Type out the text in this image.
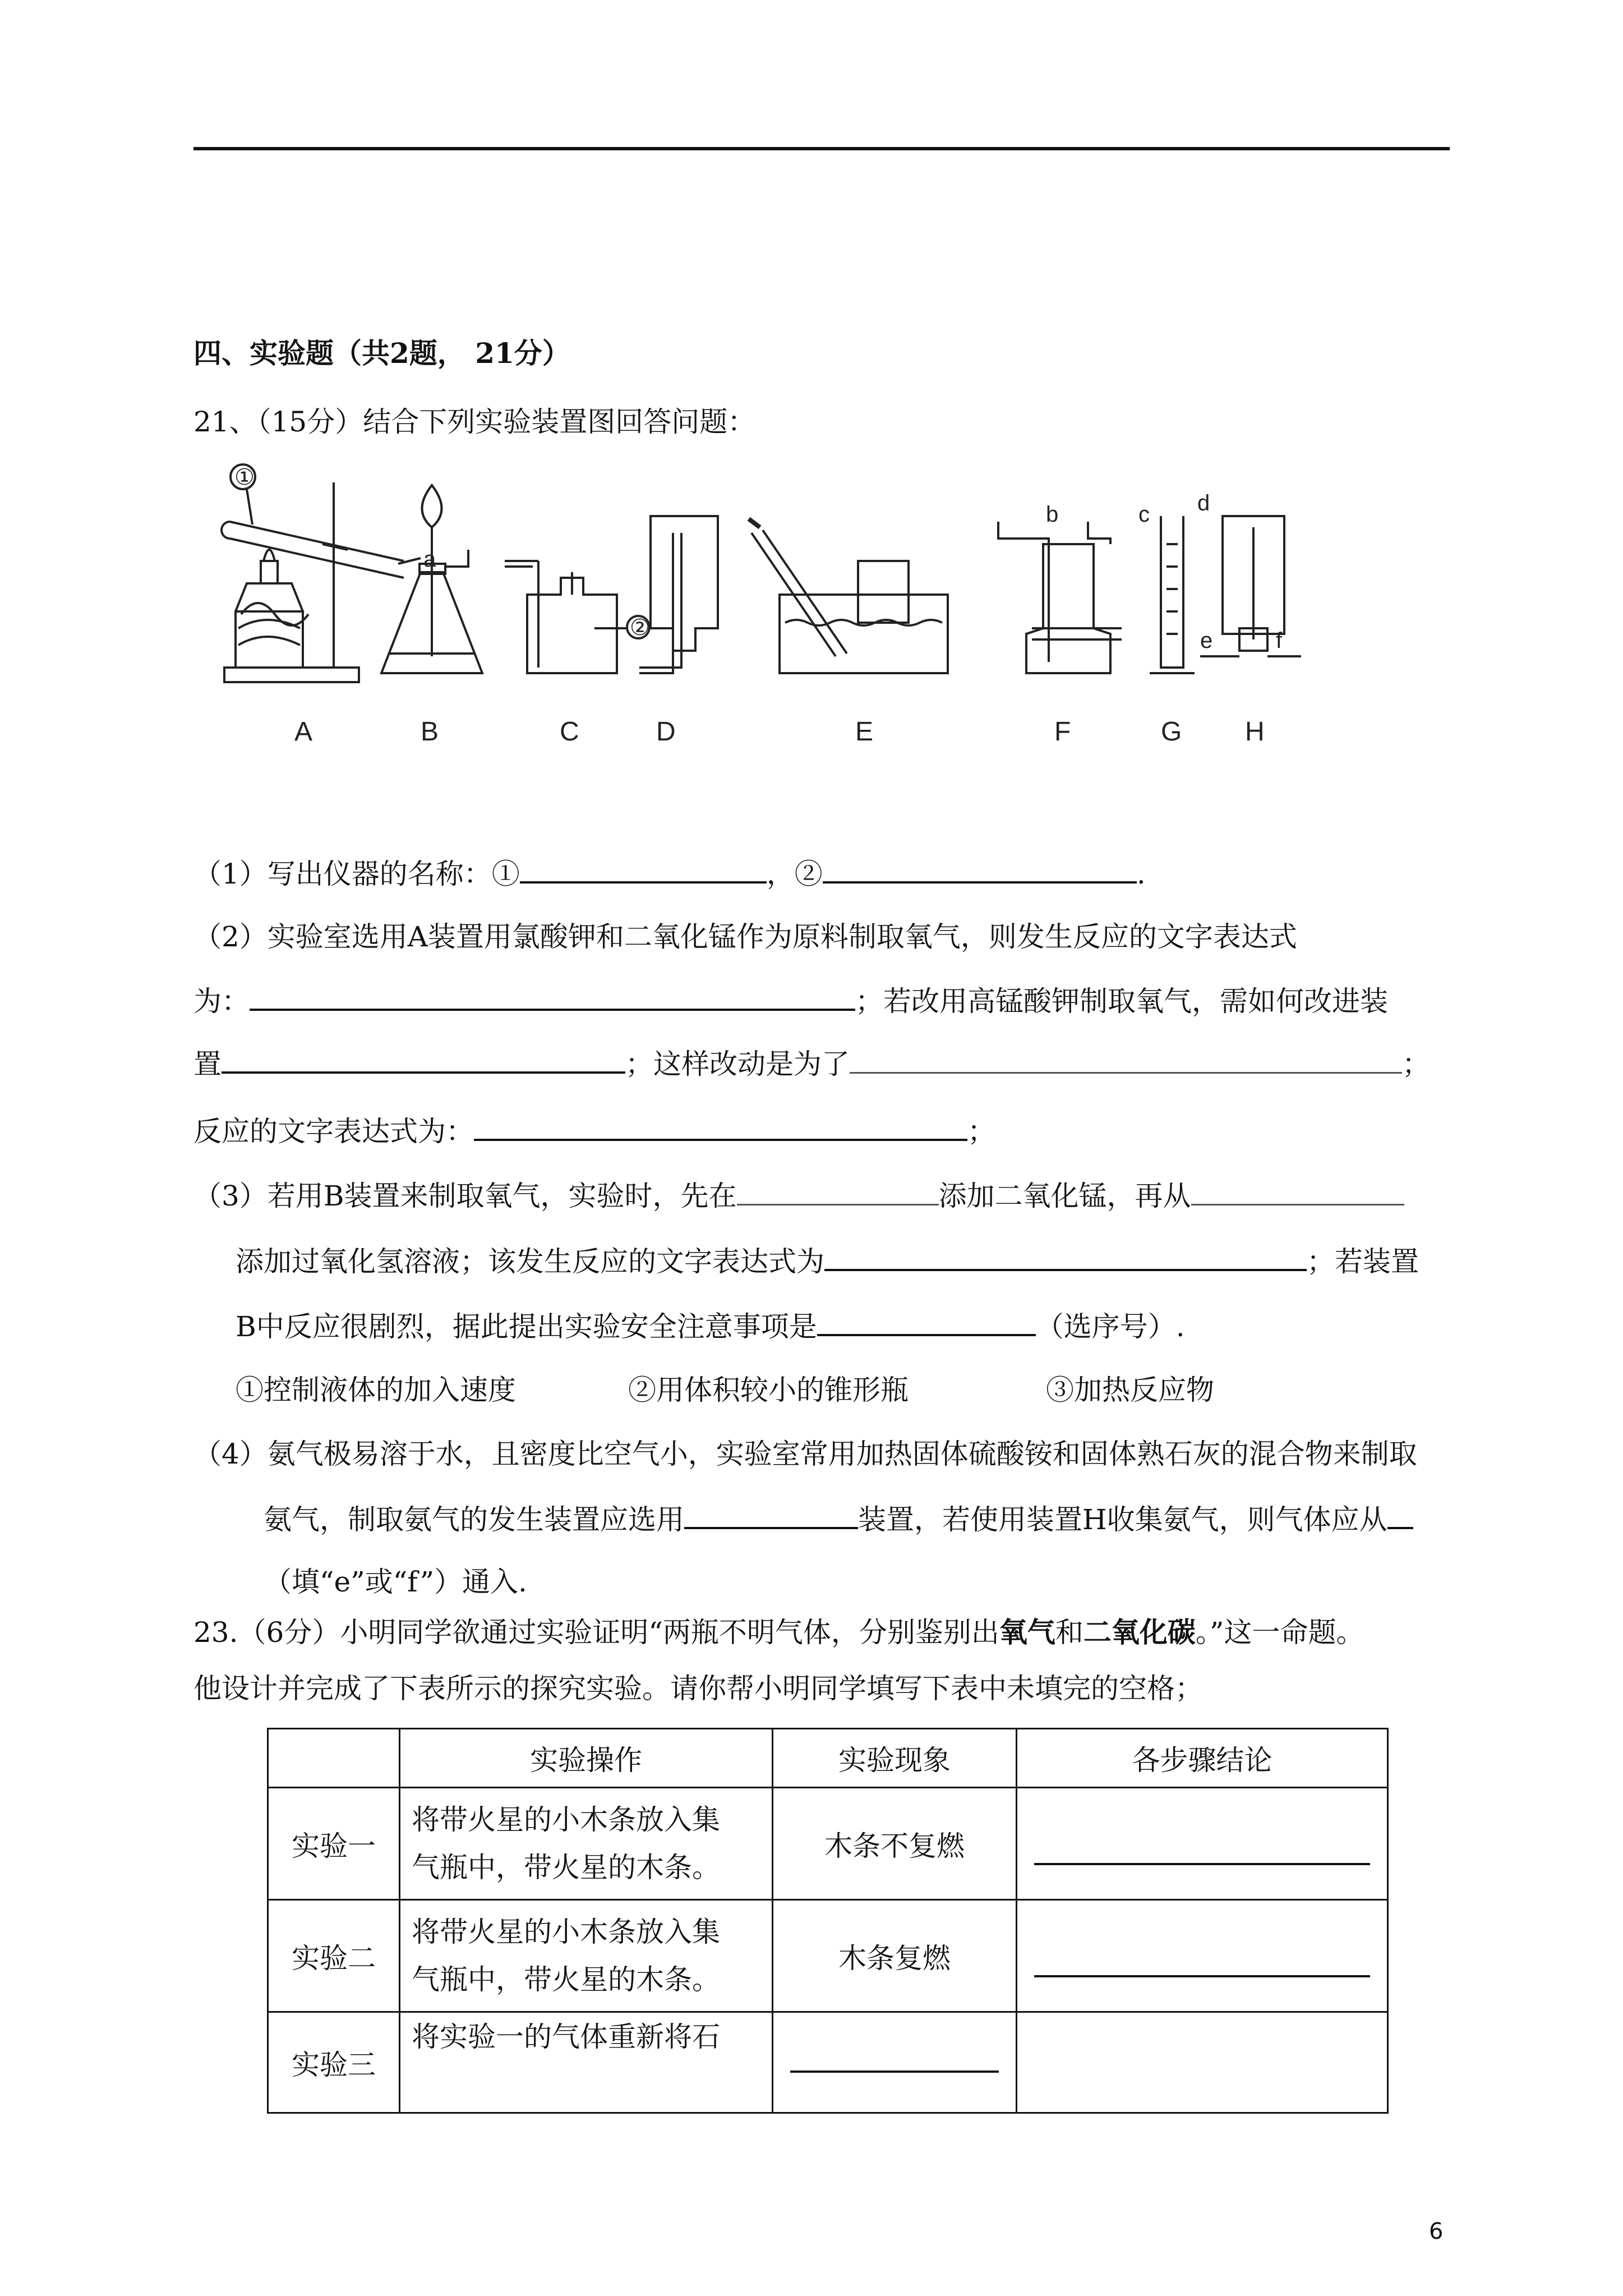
四、实验题（共2题， 21分）
21、（15分）结合下列实验装置图回答问题：
A	B	C	D	E	F	G H
①
②
a
b	c d
e	f
（1）写出仪器的名称：①	，②	.
（2）实验室选用A装置用氯酸钾和二氧化锰作为原料制取氧气，则发生反应的文字表达式
为：	；若改用高锰酸钾制取氧气，需如何改进装
置	；这样改动是为了	；
反应的文字表达式为：	；
（3）若用B装置来制取氧气，实验时，先在	添加二氧化锰，再从
添加过氧化氢溶液；该发生反应的文字表达式为	；若装置
B中反应很剧烈，据此提出实验安全注意事项是	（选序号）.
①控制液体的加入速度	②用体积较小的锥形瓶	③加热反应物
（4）氨气极易溶于水，且密度比空气小，实验室常用加热固体硫酸铵和固体熟石灰的混合物来制取
氨气，制取氨气的发生装置应选用	装置，若使用装置H收集氨气，则气体应从
（填“e”或“f”）通入.
23.（6分）小明同学欲通过实验证明“两瓶不明气体，分别鉴别出氧气和二氧化碳。”这一命题。
他设计并完成了下表所示的探究实验。请你帮小明同学填写下表中未填完的空格；
	实验操作	实验现象	各步骤结论
实验一	将带火星的小木条放入集
气瓶中，带火星的木条。	木条不复燃	
实验二	将带火星的小木条放入集
气瓶中，带火星的木条。	木条复燃	
实验三	将实验一的气体重新将石		

6
